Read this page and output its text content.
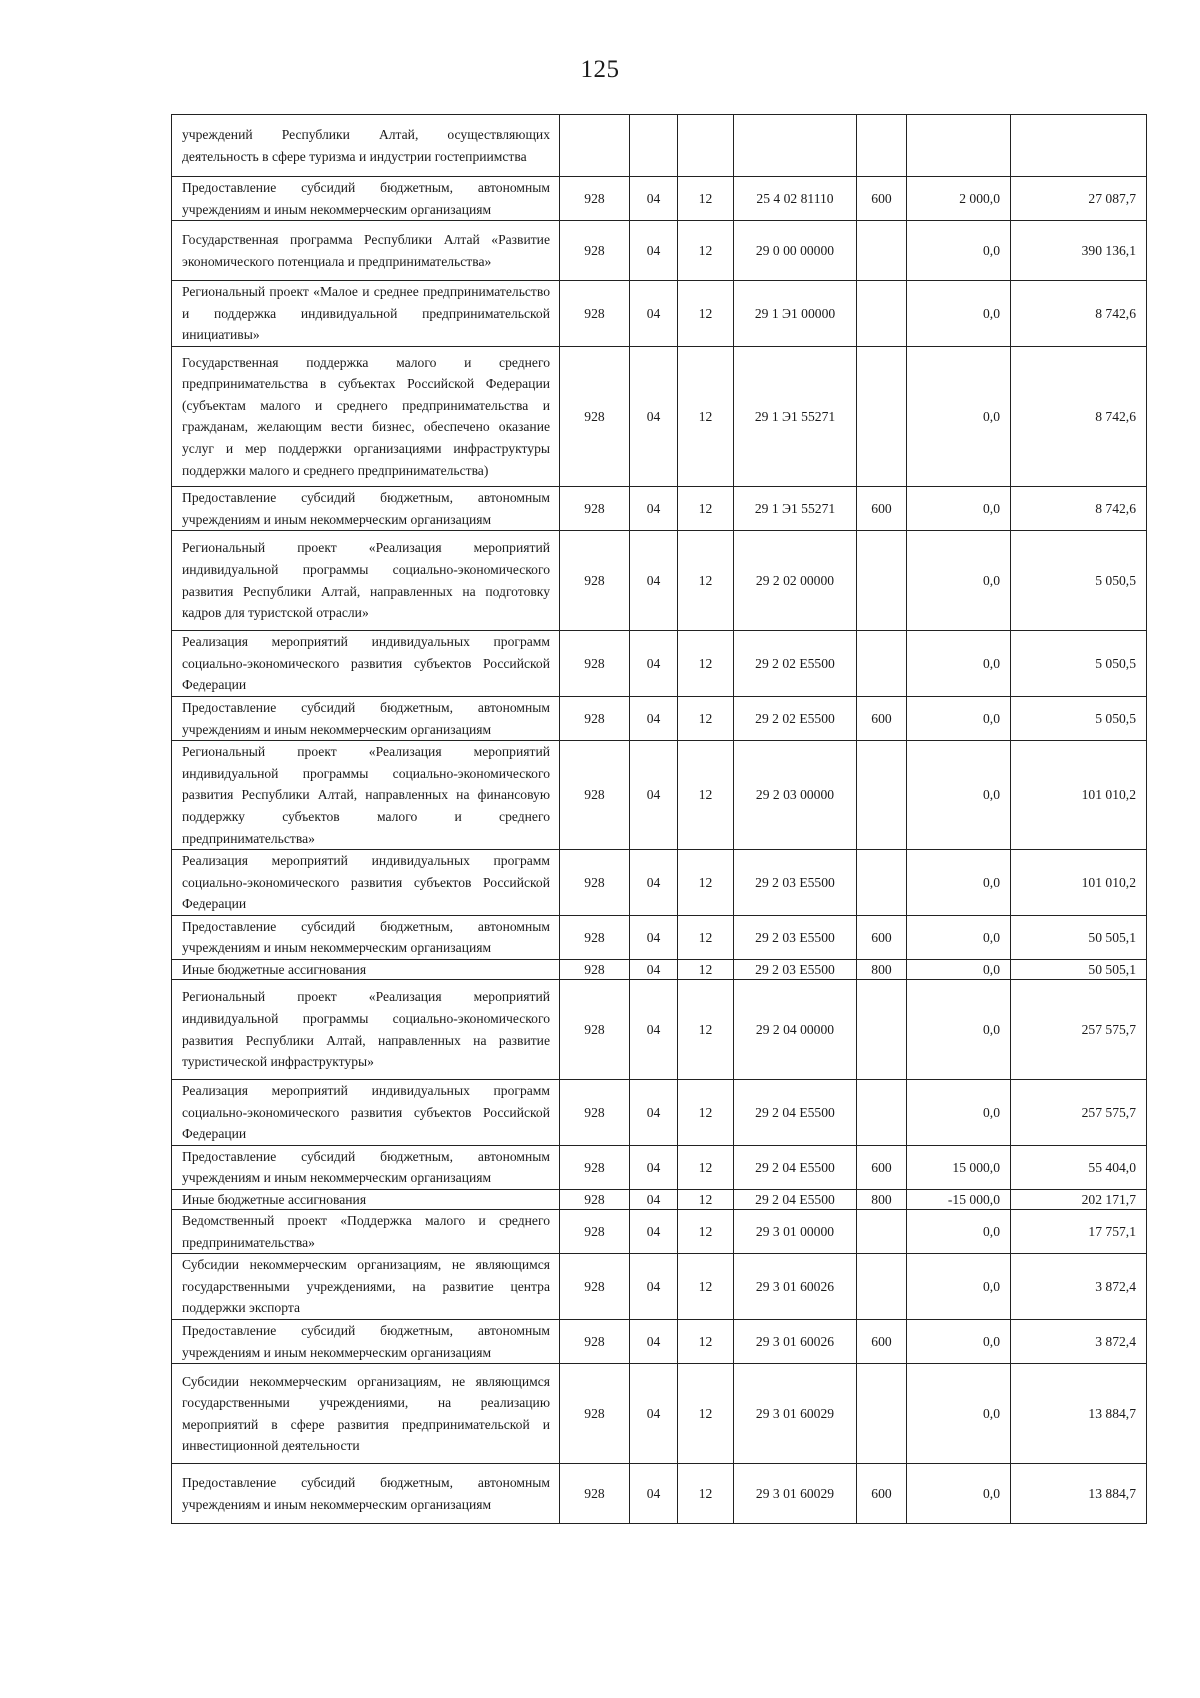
125
учреждений Республики Алтай, осуществляющих деятельность в сфере туризма и индустрии гостеприимства							
Предоставление субсидий бюджетным, автономным учреждениям и иным некоммерческим организациям	928	04	12	25 4 02 81110	600	2 000,0	27 087,7
Государственная программа Республики Алтай «Развитие экономического потенциала и предпринимательства»	928	04	12	29 0 00 00000		0,0	390 136,1
Региональный проект «Малое и среднее предпринимательство и поддержка индивидуальной предпринимательской инициативы»	928	04	12	29 1 Э1 00000		0,0	8 742,6
Государственная поддержка малого и среднего предпринимательства в субъектах Российской Федерации (субъектам малого и среднего предпринимательства и гражданам, желающим вести бизнес, обеспечено оказание услуг и мер поддержки организациями инфраструктуры поддержки малого и среднего предпринимательства)	928	04	12	29 1 Э1 55271		0,0	8 742,6
Предоставление субсидий бюджетным, автономным учреждениям и иным некоммерческим организациям	928	04	12	29 1 Э1 55271	600	0,0	8 742,6
Региональный проект «Реализация мероприятий индивидуальной программы социально-экономического развития Республики Алтай, направленных на подготовку кадров для туристской отрасли»	928	04	12	29 2 02 00000		0,0	5 050,5
Реализация мероприятий индивидуальных программ социально-экономического развития субъектов Российской Федерации	928	04	12	29 2 02 Е5500		0,0	5 050,5
Предоставление субсидий бюджетным, автономным учреждениям и иным некоммерческим организациям	928	04	12	29 2 02 Е5500	600	0,0	5 050,5
Региональный проект «Реализация мероприятий индивидуальной программы социально-экономического развития Республики Алтай, направленных на финансовую поддержку субъектов малого и среднего предпринимательства»	928	04	12	29 2 03 00000		0,0	101 010,2
Реализация мероприятий индивидуальных программ социально-экономического развития субъектов Российской Федерации	928	04	12	29 2 03 Е5500		0,0	101 010,2
Предоставление субсидий бюджетным, автономным учреждениям и иным некоммерческим организациям	928	04	12	29 2 03 Е5500	600	0,0	50 505,1
Иные бюджетные ассигнования	928	04	12	29 2 03 Е5500	800	0,0	50 505,1
Региональный проект «Реализация мероприятий индивидуальной программы социально-экономического развития Республики Алтай, направленных на развитие туристической инфраструктуры»	928	04	12	29 2 04 00000		0,0	257 575,7
Реализация мероприятий индивидуальных программ социально-экономического развития субъектов Российской Федерации	928	04	12	29 2 04 Е5500		0,0	257 575,7
Предоставление субсидий бюджетным, автономным учреждениям и иным некоммерческим организациям	928	04	12	29 2 04 Е5500	600	15 000,0	55 404,0
Иные бюджетные ассигнования	928	04	12	29 2 04 Е5500	800	-15 000,0	202 171,7
Ведомственный проект «Поддержка малого и среднего предпринимательства»	928	04	12	29 3 01 00000		0,0	17 757,1
Субсидии некоммерческим организациям, не являющимся государственными учреждениями, на развитие центра поддержки экспорта	928	04	12	29 3 01 60026		0,0	3 872,4
Предоставление субсидий бюджетным, автономным учреждениям и иным некоммерческим организациям	928	04	12	29 3 01 60026	600	0,0	3 872,4
Субсидии некоммерческим организациям, не являющимся государственными учреждениями, на реализацию мероприятий в сфере развития предпринимательской и инвестиционной деятельности	928	04	12	29 3 01 60029		0,0	13 884,7
Предоставление субсидий бюджетным, автономным учреждениям и иным некоммерческим организациям	928	04	12	29 3 01 60029	600	0,0	13 884,7
